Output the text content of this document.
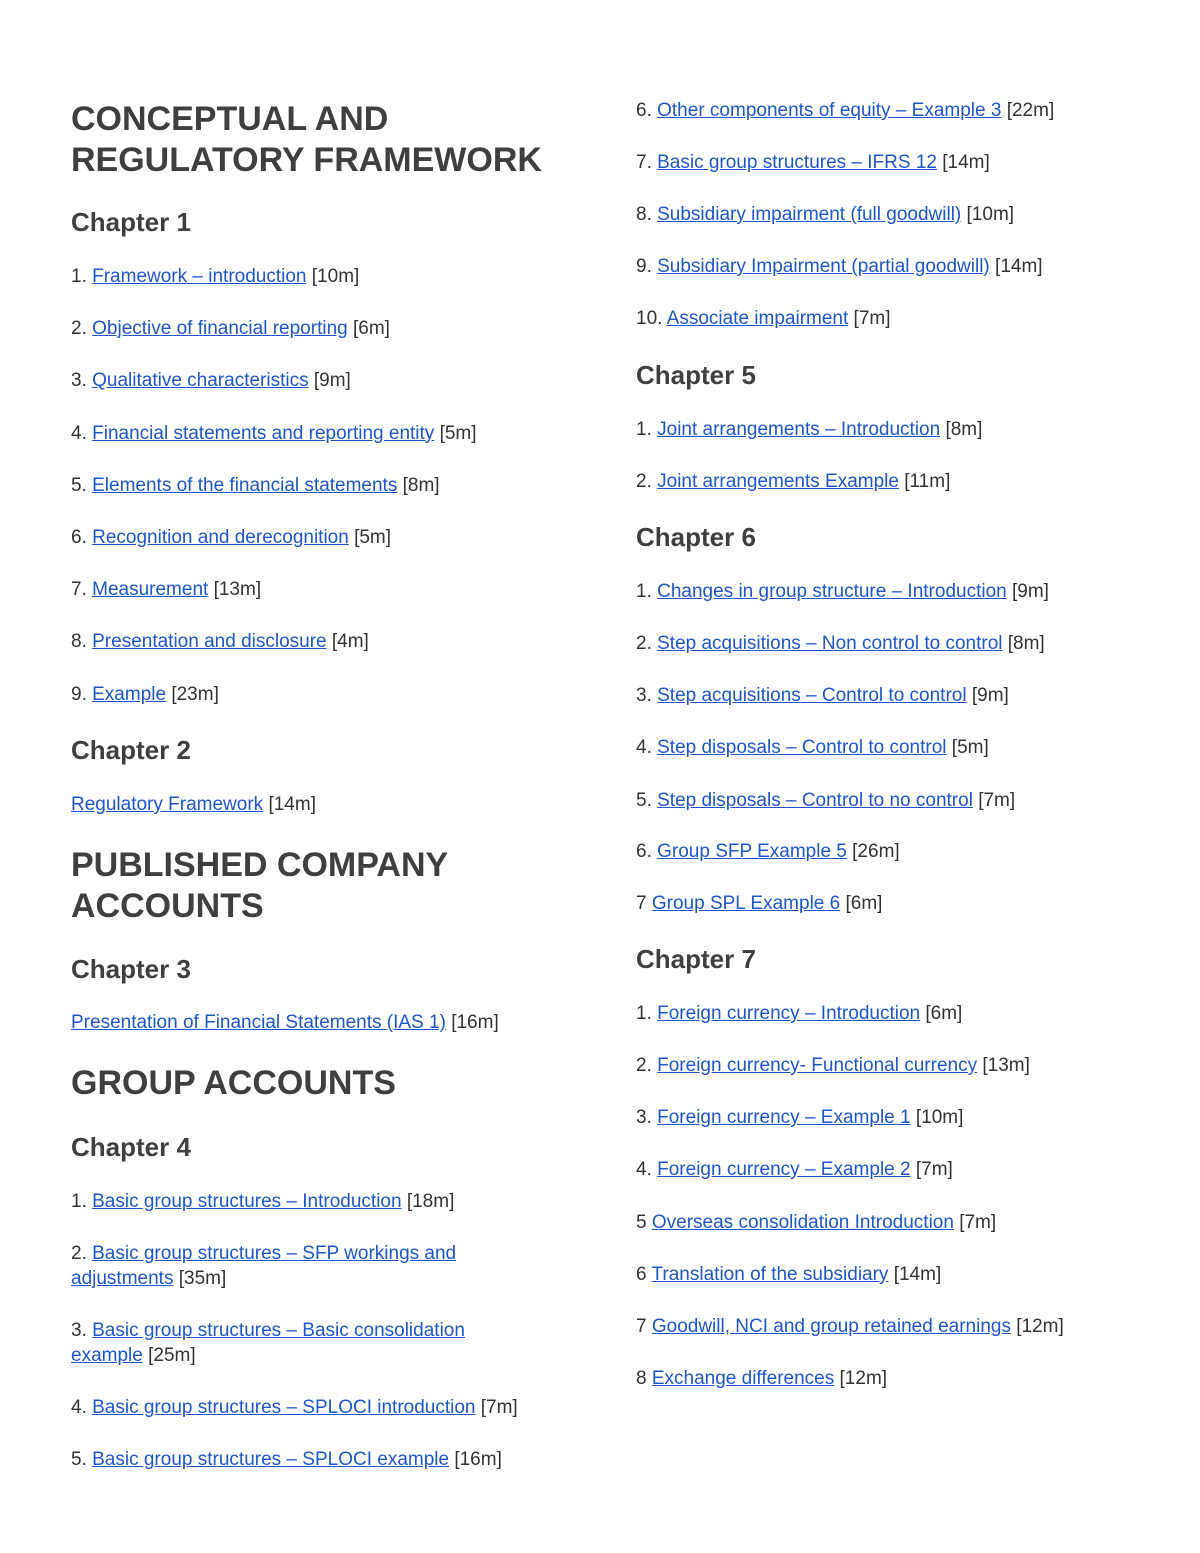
CONCEPTUAL AND
REGULATORY FRAMEWORK
Chapter 1
1. Framework – introduction [10m]
2. Objective of financial reporting [6m]
3. Qualitative characteristics [9m]
4. Financial statements and reporting entity [5m]
5. Elements of the financial statements [8m]
6. Recognition and derecognition [5m]
7. Measurement [13m]
8. Presentation and disclosure [4m]
9. Example [23m]
Chapter 2
Regulatory Framework [14m]
PUBLISHED COMPANY
ACCOUNTS
Chapter 3
Presentation of Financial Statements (IAS 1) [16m]
GROUP ACCOUNTS
Chapter 4
1. Basic group structures – Introduction [18m]
2. Basic group structures – SFP workings and adjustments [35m]
3. Basic group structures – Basic consolidation example [25m]
4. Basic group structures – SPLOCI introduction [7m]
5. Basic group structures – SPLOCI example [16m]
6. Other components of equity – Example 3 [22m]
7. Basic group structures – IFRS 12 [14m]
8. Subsidiary impairment (full goodwill) [10m]
9. Subsidiary Impairment (partial goodwill) [14m]
10. Associate impairment [7m]
Chapter 5
1. Joint arrangements – Introduction [8m]
2. Joint arrangements Example [11m]
Chapter 6
1. Changes in group structure – Introduction [9m]
2. Step acquisitions – Non control to control [8m]
3. Step acquisitions – Control to control [9m]
4. Step disposals – Control to control [5m]
5. Step disposals – Control to no control [7m]
6. Group SFP Example 5 [26m]
7 Group SPL Example 6 [6m]
Chapter 7
1. Foreign currency – Introduction [6m]
2. Foreign currency- Functional currency [13m]
3. Foreign currency – Example 1 [10m]
4. Foreign currency – Example 2 [7m]
5 Overseas consolidation Introduction [7m]
6 Translation of the subsidiary [14m]
7 Goodwill, NCI and group retained earnings [12m]
8 Exchange differences [12m]
